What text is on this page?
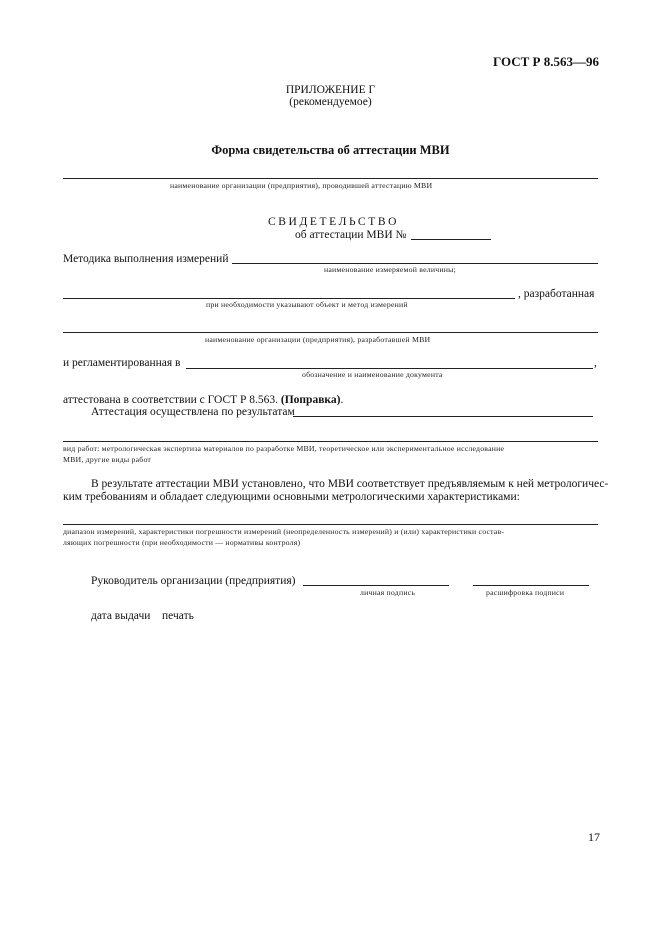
ГОСТ Р 8.563—96
ПРИЛОЖЕНИЕ Г
(рекомендуемое)
Форма свидетельства об аттестации МВИ
наименование организации (предприятия), проводившей аттестацию МВИ
СВИДЕТЕЛЬСТВО
об аттестации МВИ №
Методика выполнения измерений
наименование измеряемой величины;
, разработанная
при необходимости указывают объект и метод измерений
наименование организации (предприятия), разработавшей МВИ
и регламентированная в	,
обозначение и наименование документа
аттестована в соответствии с ГОСТ Р 8.563. (Поправка).
Аттестация осуществлена по результатам
вид работ: метрологическая экспертиза материалов по разработке МВИ, теоретическое или экспериментальное исследование
МВИ, другие виды работ
В результате аттестации МВИ установлено, что МВИ соответствует предъявляемым к ней метрологичес-
ким требованиям и обладает следующими основными метрологическими характеристиками:
диапазон измерений, характеристики погрешности измерений (неопределенность измерений) и (или) характеристики состав-
ляющих погрешности (при необходимости — нормативы контроля)
Руководитель организации (предприятия)
личная подпись	расшифровка подписи
дата выдачи печать
17
